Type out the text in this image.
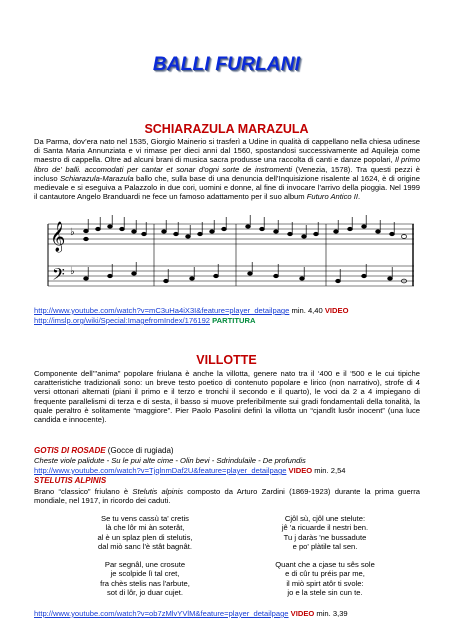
BALLI FURLANI
SCHIARAZULA MARAZULA
Da Parma, dov’era nato nel 1535, Giorgio Mainerio si trasferì a Udine in qualità di cappellano nella chiesa udinese di Santa Maria Annunziata e vi rimase per dieci anni dal 1560, spostandosi successivamente ad Aquileja come maestro di cappella. Oltre ad alcuni brani di musica sacra produsse una raccolta di canti e danze popolari, Il primo libro de' balli. accomodati per cantar et sonar d'ogni sorte de instromenti (Venezia, 1578). Tra questi pezzi è incluso Schiarazula-Marazula ballo che, sulla base di una denuncia dell’Inquisizione risalente al 1624, è di origine medievale e si eseguiva a Palazzolo in due cori, uomini e donne, al fine di invocare l’arrivo della pioggia. Nel 1999 il cantautore Angelo Branduardi ne fece un famoso adattamento per il suo album Futuro Antico II.
𝄞
𝄢
♭
♭
http://www.youtube.com/watch?v=mC3uHa4iX3I&feature=player_detailpage min. 4,40 VIDEO
http://imslp.org/wiki/Special:ImagefromIndex/176192 PARTITURA
VILLOTTE
Componente dell’"anima" popolare friulana è anche la villotta, genere nato tra il ‘400 e il ‘500 e le cui tipiche caratteristiche tradizionali sono: un breve testo poetico di contenuto popolare e lirico (non narrativo), strofe di 4 versi ottonari alternati (piani il primo e il terzo e tronchi il secondo e il quarto), le voci da 2 a 4 impiegano di frequente parallelismi di terza e di sesta, il basso si muove preferibilmente sui gradi fondamentali della tonalità, la quale peraltro è solitamente “maggiore”. Pier Paolo Pasolini definì la villotta un “cjandît lusôr inocent” (una luce candida e innocente).
GOTIS DI ROSADE (Gocce di rugiada)
Cheste viole palidute - Su le pui alte cime - Olin bevi - Sdrindulaile - De profundis
http://www.youtube.com/watch?v=TjqlnmDaf2U&feature=player_detailpage VIDEO min. 2,54
STELUTIS ALPINIS
Brano “classico” friulano è Stelutis alpinis composto da Arturo Zardini (1869-1923) durante la prima guerra mondiale, nel 1917, in ricordo dei caduti.
Se tu vens cassù ta' cretis
là che lôr mi àn soterât,
al è un splaz plen di stelutis,
dal miò sanc l'è stât bagnât.
Cjôl sù, cjôl une stelute:
jê 'a ricuarde il nestri ben.
Tu j daràs 'ne bussadute
e po' plàtile tal sen.
Par segnâl, une crosute
je scolpide lì tal cret,
fra chès stelis nas l'arbute,
sot di lôr, jo duar cujet.
Quant che a cjase tu sês sole
e di cûr tu préis par me,
il miò spirt atôr ti svole:
jo e la stele sin cun te.
http://www.youtube.com/watch?v=ob7zMlvYVlM&feature=player_detailpage VIDEO min. 3,39
